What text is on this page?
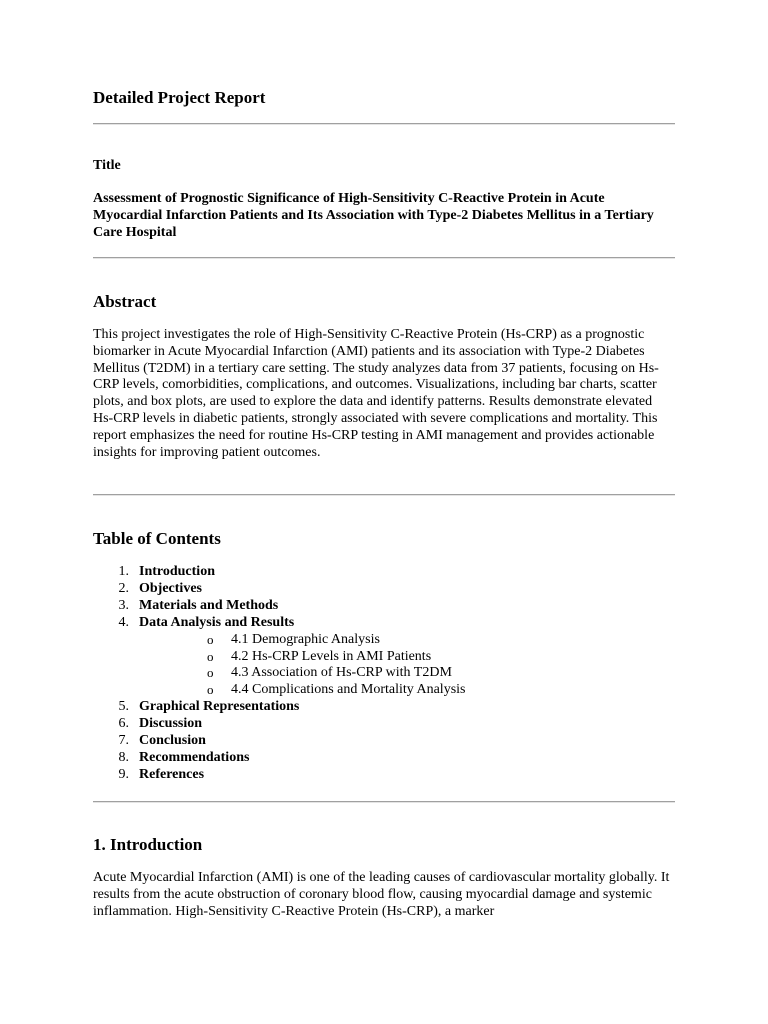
Detailed Project Report
Title
Assessment of Prognostic Significance of High-Sensitivity C-Reactive Protein in Acute Myocardial Infarction Patients and Its Association with Type-2 Diabetes Mellitus in a Tertiary Care Hospital
Abstract

This project investigates the role of High-Sensitivity C-Reactive Protein (Hs-CRP) as a prognostic biomarker in Acute Myocardial Infarction (AMI) patients and its association with Type-2 Diabetes Mellitus (T2DM) in a tertiary care setting. The study analyzes data from 37 patients, focusing on Hs-CRP levels, comorbidities, complications, and outcomes. Visualizations, including bar charts, scatter plots, and box plots, are used to explore the data and identify patterns. Results demonstrate elevated Hs-CRP levels in diabetic patients, strongly associated with severe complications and mortality. This report emphasizes the need for routine Hs-CRP testing in AMI management and provides actionable insights for improving patient outcomes.

Table of Contents
1. Introduction
2. Objectives
3. Materials and Methods
4. Data Analysis and Results
o 4.1 Demographic Analysis
o 4.2 Hs-CRP Levels in AMI Patients
o 4.3 Association of Hs-CRP with T2DM
o 4.4 Complications and Mortality Analysis
5. Graphical Representations
6. Discussion
7. Conclusion
8. Recommendations
9. References
1. Introduction

Acute Myocardial Infarction (AMI) is one of the leading causes of cardiovascular mortality globally. It results from the acute obstruction of coronary blood flow, causing myocardial damage and systemic inflammation. High-Sensitivity C-Reactive Protein (Hs-CRP), a marker
